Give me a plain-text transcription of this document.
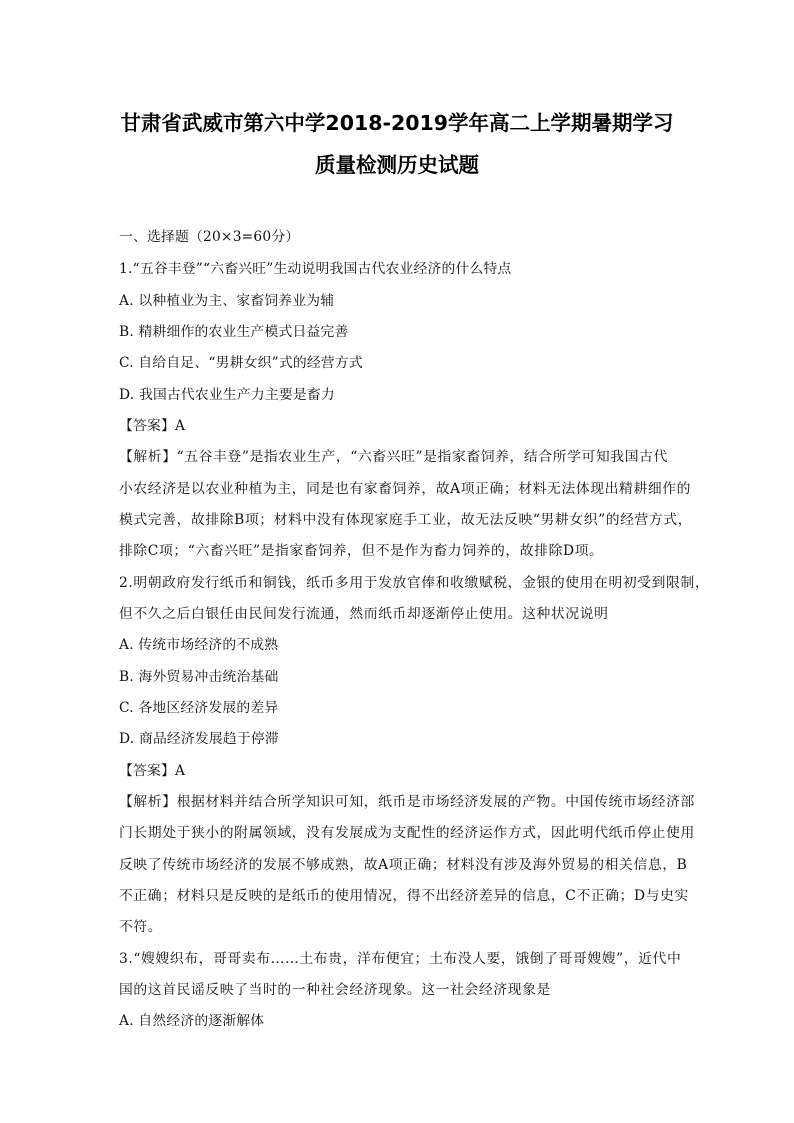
甘肃省武威市第六中学2018-2019学年高二上学期暑期学习
质量检测历史试题
一、选择题（20×3=60分）
1.“五谷丰登”“六畜兴旺”生动说明我国古代农业经济的什么特点
A. 以种植业为主、家畜饲养业为辅
B. 精耕细作的农业生产模式日益完善
C. 自给自足、“男耕女织”式的经营方式
D. 我国古代农业生产力主要是畜力
【答案】A
【解析】“五谷丰登”是指农业生产，“六畜兴旺”是指家畜饲养，结合所学可知我国古代
小农经济是以农业种植为主，同是也有家畜饲养，故A项正确；材料无法体现出精耕细作的
模式完善，故排除B项；材料中没有体现家庭手工业，故无法反映“男耕女织”的经营方式，
排除C项；“六畜兴旺”是指家畜饲养，但不是作为畜力饲养的，故排除D项。
2.明朝政府发行纸币和铜钱，纸币多用于发放官俸和收缴赋税，金银的使用在明初受到限制，
但不久之后白银任由民间发行流通，然而纸币却逐渐停止使用。这种状况说明
A. 传统市场经济的不成熟
B. 海外贸易冲击统治基础
C. 各地区经济发展的差异
D. 商品经济发展趋于停滞
【答案】A
【解析】根据材料并结合所学知识可知，纸币是市场经济发展的产物。中国传统市场经济部
门长期处于狭小的附属领域，没有发展成为支配性的经济运作方式，因此明代纸币停止使用
反映了传统市场经济的发展不够成熟，故A项正确；材料没有涉及海外贸易的相关信息，B
不正确；材料只是反映的是纸币的使用情况，得不出经济差异的信息，C不正确；D与史实
不符。
3.“嫂嫂织布，哥哥卖布……土布贵，洋布便宜；土布没人要，饿倒了哥哥嫂嫂”，近代中
国的这首民谣反映了当时的一种社会经济现象。这一社会经济现象是
A. 自然经济的逐渐解体
